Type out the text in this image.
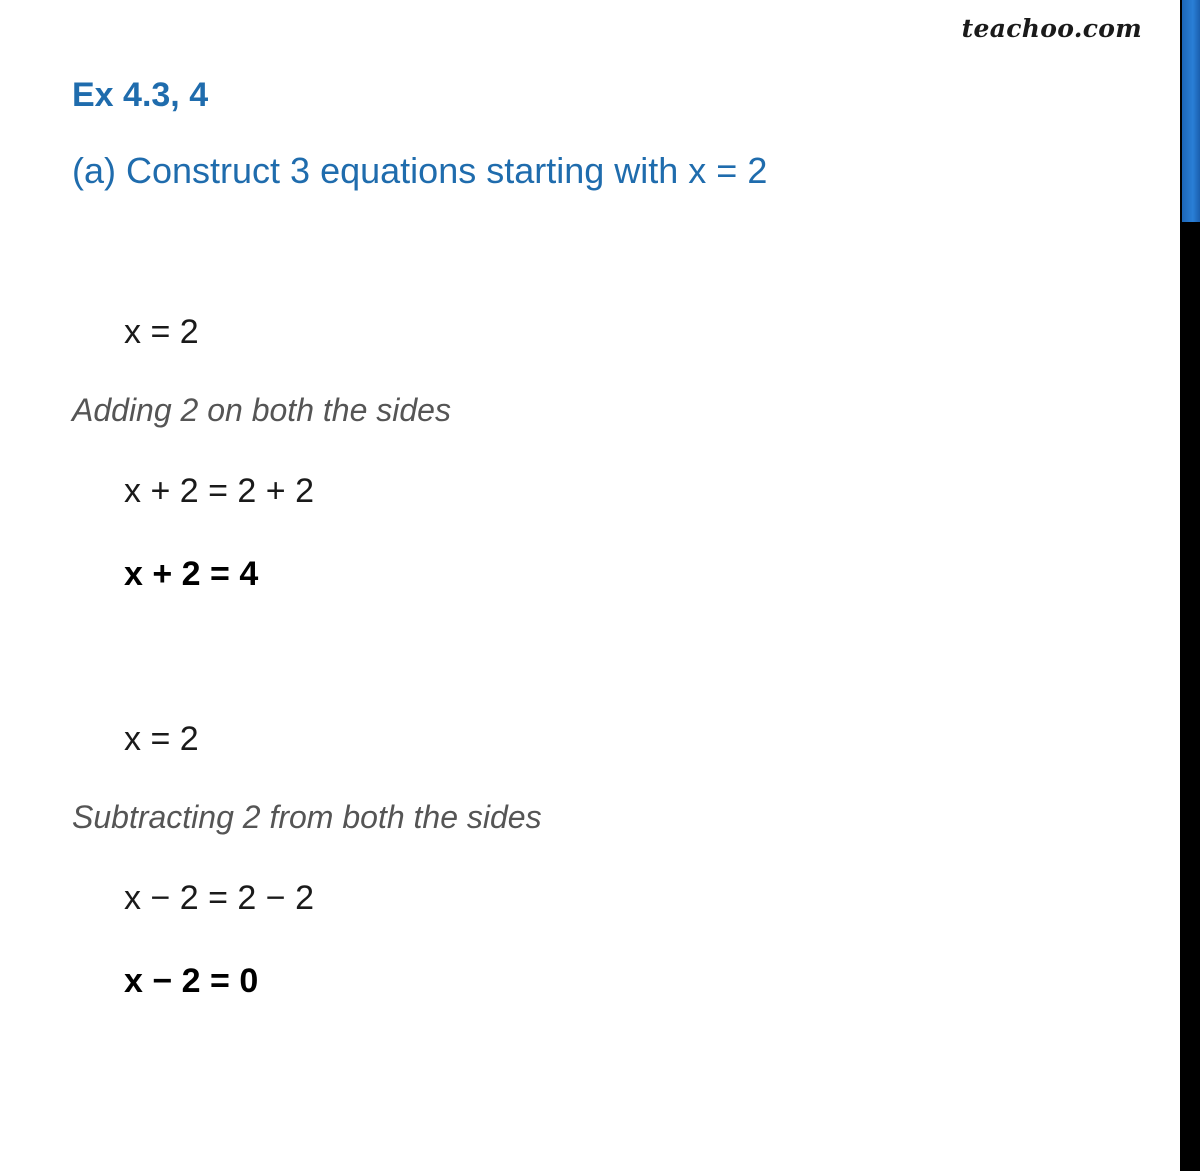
teachoo.com
Ex 4.3, 4
(a) Construct 3 equations starting with x = 2
x = 2
Adding 2 on both the sides
x + 2 = 2 + 2
x + 2 = 4
x = 2
Subtracting 2 from both the sides
x − 2 = 2 − 2
x − 2 = 0
